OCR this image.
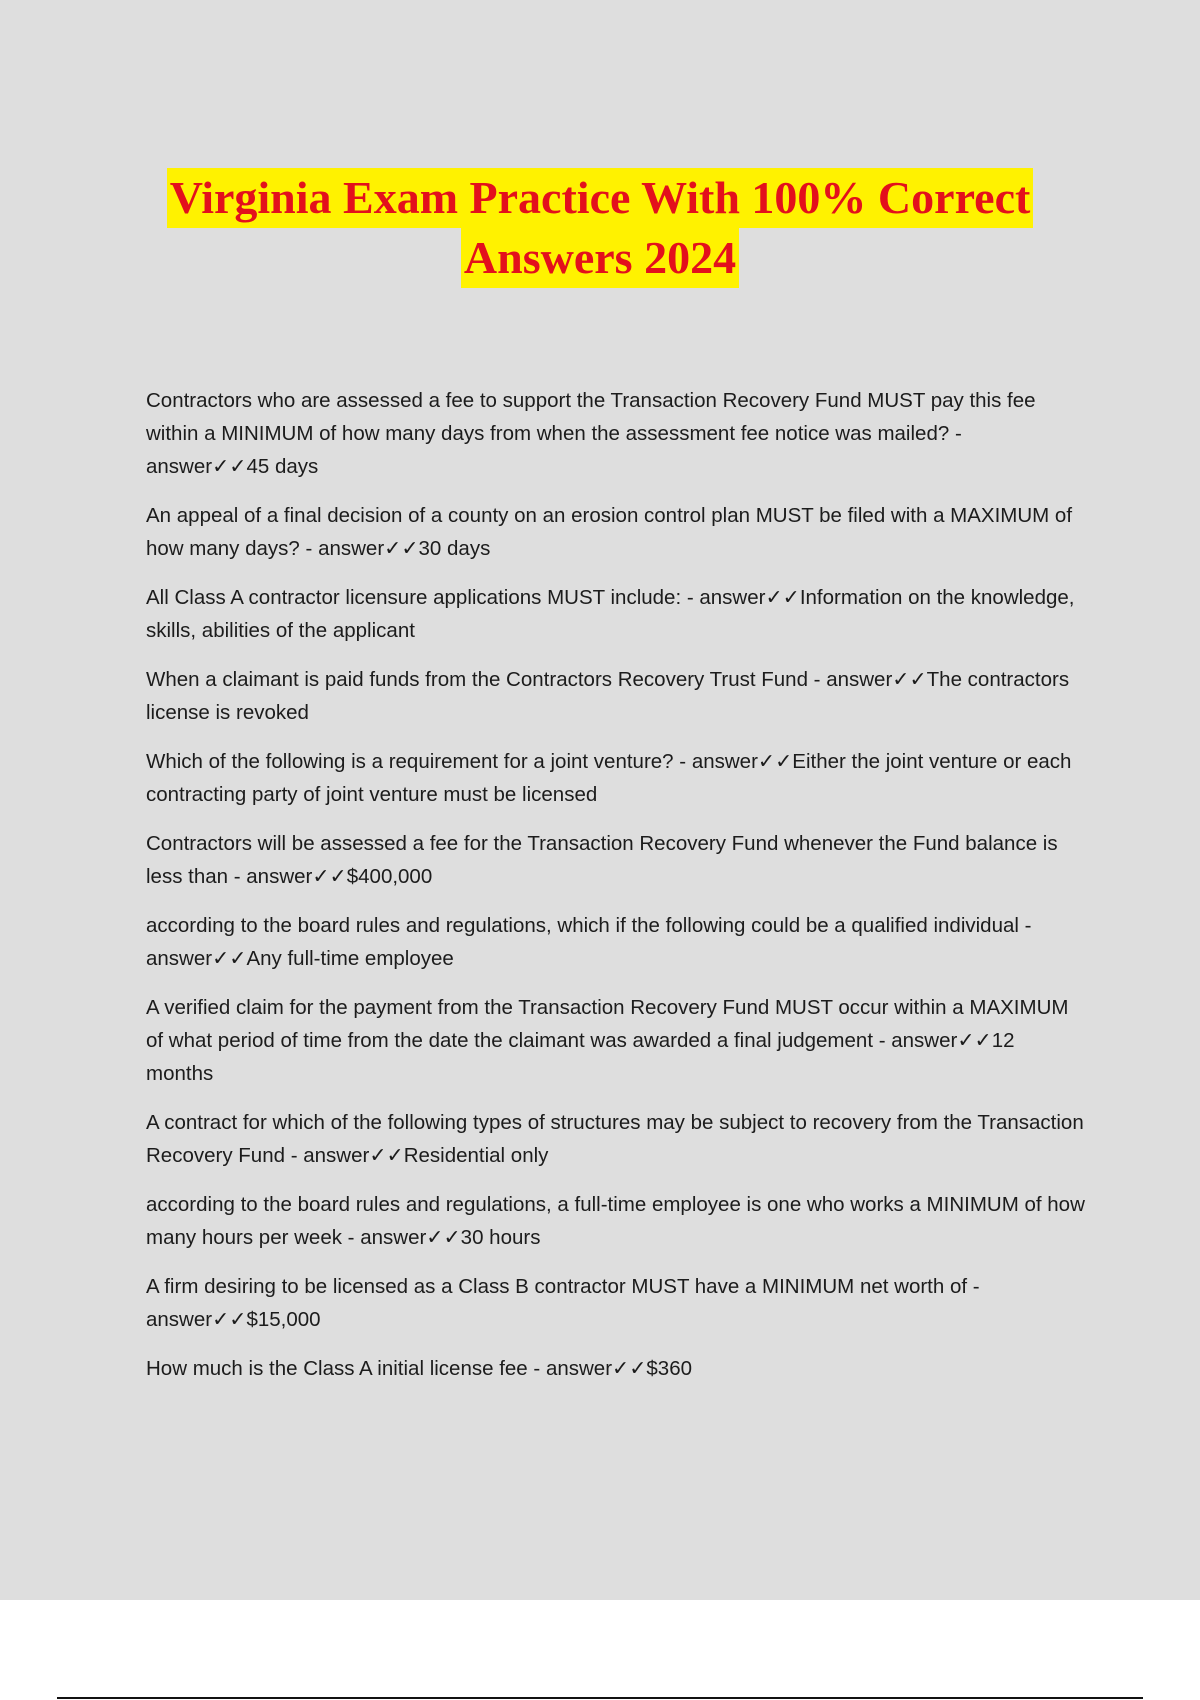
Virginia Exam Practice With 100% Correct
Answers 2024

Contractors who are assessed a fee to support the Transaction Recovery Fund MUST pay this fee within a MINIMUM of how many days from when the assessment fee notice was mailed? -answer✓✓45 days

An appeal of a final decision of a county on an erosion control plan MUST be filed with a MAXIMUM of how many days? - answer✓✓30 days

All Class A contractor licensure applications MUST include: - answer✓✓Information on the knowledge, skills, abilities of the applicant

When a claimant is paid funds from the Contractors Recovery Trust Fund - answer✓✓The contractors license is revoked

Which of the following is a requirement for a joint venture? - answer✓✓Either the joint venture or each contracting party of joint venture must be licensed

Contractors will be assessed a fee for the Transaction Recovery Fund whenever the Fund balance is less than - answer✓✓$400,000

according to the board rules and regulations, which if the following could be a qualified individual -answer✓✓Any full-time employee

A verified claim for the payment from the Transaction Recovery Fund MUST occur within a MAXIMUM of what period of time from the date the claimant was awarded a final judgement - answer✓✓12 months

A contract for which of the following types of structures may be subject to recovery from the Transaction Recovery Fund - answer✓✓Residential only

according to the board rules and regulations, a full-time employee is one who works a MINIMUM of how many hours per week - answer✓✓30 hours

A firm desiring to be licensed as a Class B contractor MUST have a MINIMUM net worth of -answer✓✓$15,000

How much is the Class A initial license fee - answer✓✓$360
